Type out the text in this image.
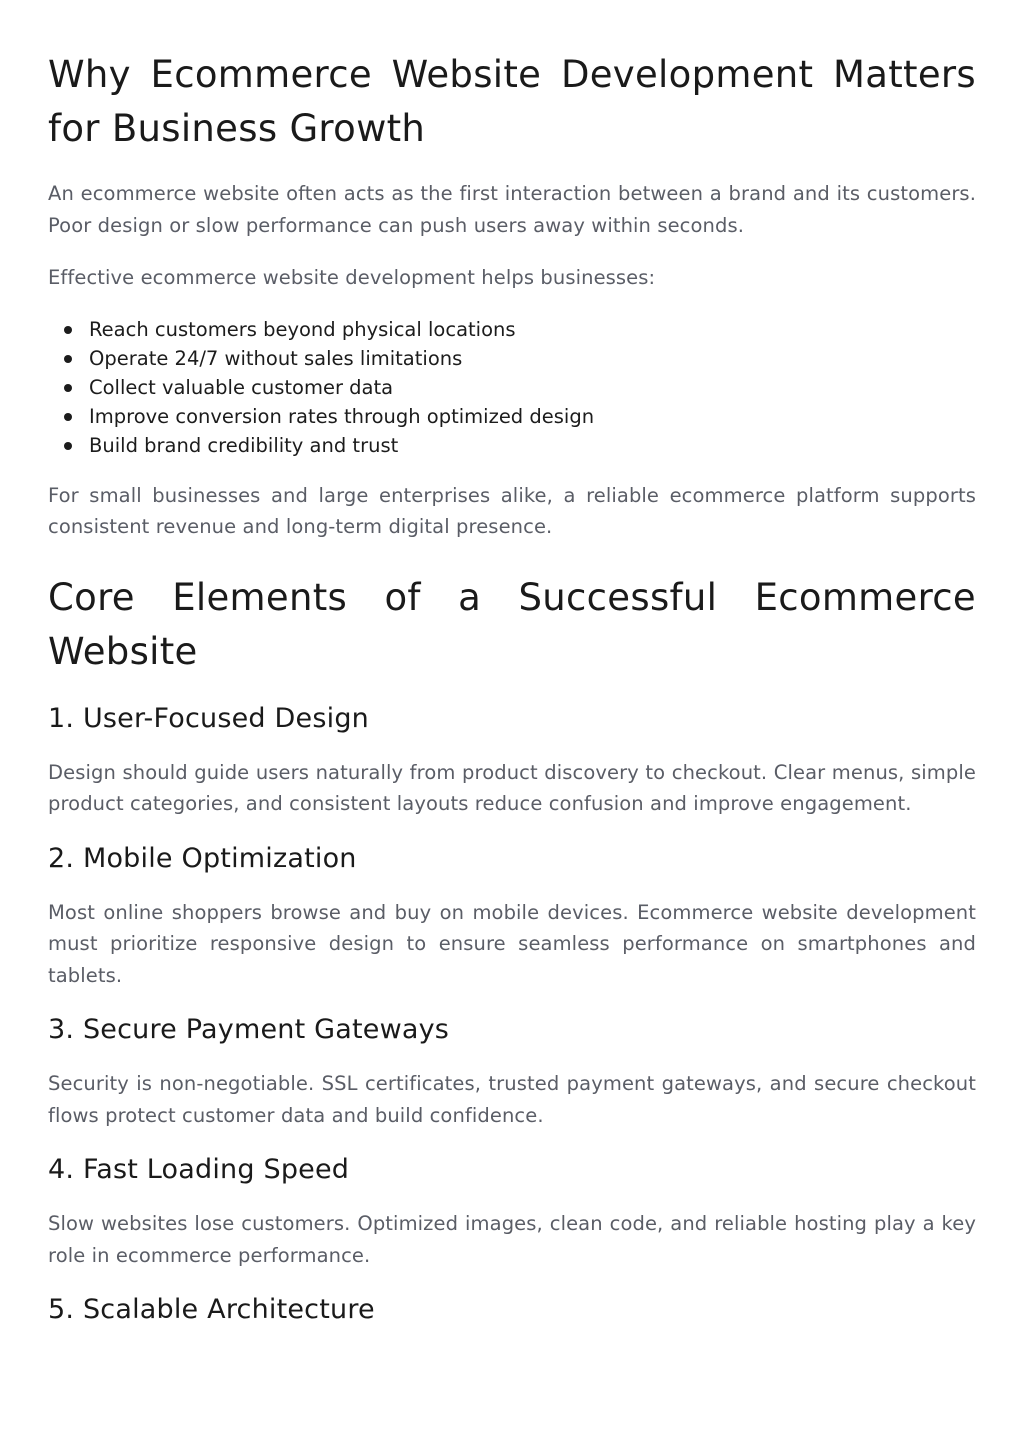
Why Ecommerce Website Development Matters for Business Growth

An ecommerce website often acts as the first interaction between a brand and its customers. Poor design or slow performance can push users away within seconds.

Effective ecommerce website development helps businesses:

Reach customers beyond physical locations
Operate 24/7 without sales limitations
Collect valuable customer data
Improve conversion rates through optimized design
Build brand credibility and trust

For small businesses and large enterprises alike, a reliable ecommerce platform supports consistent revenue and long-term digital presence.

Core Elements of a Successful Ecommerce Website
1. User-Focused Design

Design should guide users naturally from product discovery to checkout. Clear menus, simple product categories, and consistent layouts reduce confusion and improve engagement.

2. Mobile Optimization

Most online shoppers browse and buy on mobile devices. Ecommerce website development must prioritize responsive design to ensure seamless performance on smartphones and tablets.

3. Secure Payment Gateways

Security is non-negotiable. SSL certificates, trusted payment gateways, and secure checkout flows protect customer data and build confidence.

4. Fast Loading Speed

Slow websites lose customers. Optimized images, clean code, and reliable hosting play a key role in ecommerce performance.

5. Scalable Architecture
